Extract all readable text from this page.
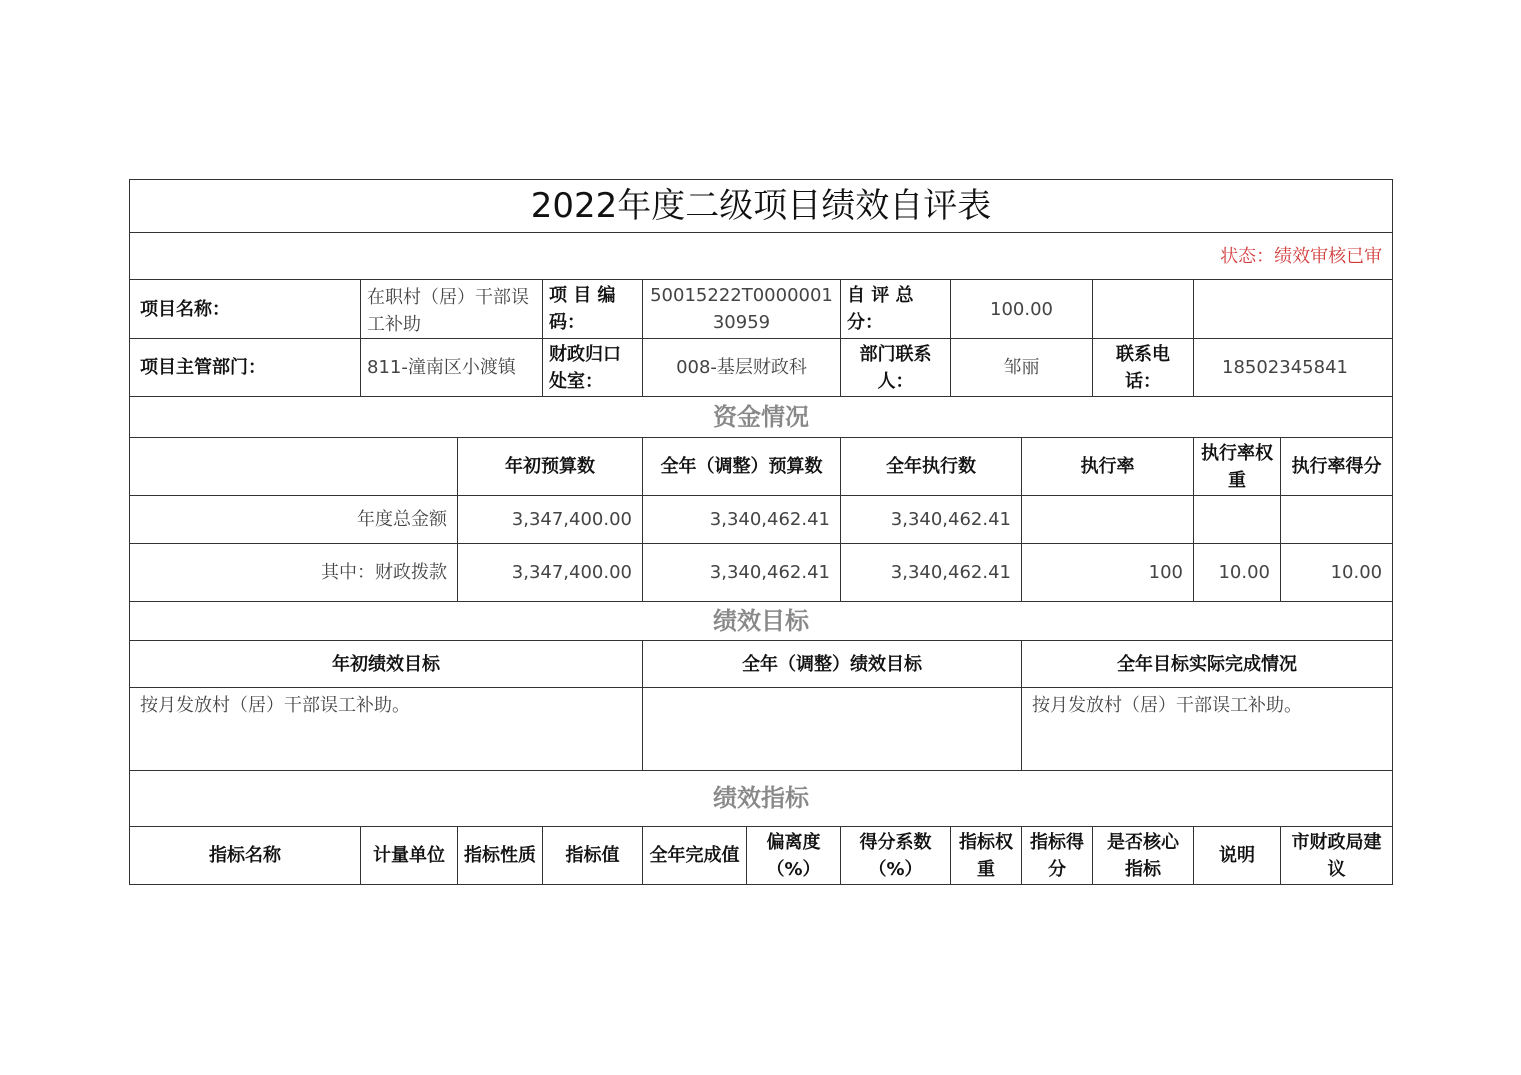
2022年度二级项目绩效自评表											
状态：绩效审核已审											
项目名称：	在职村（居）干部误工补助		项 目 编码：	50015222T000000130959		自 评 总分：	100.00				
项目主管部门：	811-潼南区小渡镇		财政归口处室：	008-基层财政科		部门联系人：	邹丽		联系电话：	18502345841	
资金情况											
		年初预算数		全年（调整）预算数		全年执行数		执行率		执行率权重	执行率得分
年度总金额		3,347,400.00		3,340,462.41		3,340,462.41					
其中：财政拨款		3,347,400.00		3,340,462.41		3,340,462.41		100		10.00	10.00
绩效目标											
年初绩效目标				全年（调整）绩效目标				全年目标实际完成情况			
按月发放村（居）干部误工补助。								按月发放村（居）干部误工补助。			
绩效指标											
指标名称	计量单位	指标性质	指标值	全年完成值	偏离度（%）	得分系数（%）	指标权重	指标得分	是否核心指标	说明	市财政局建议
